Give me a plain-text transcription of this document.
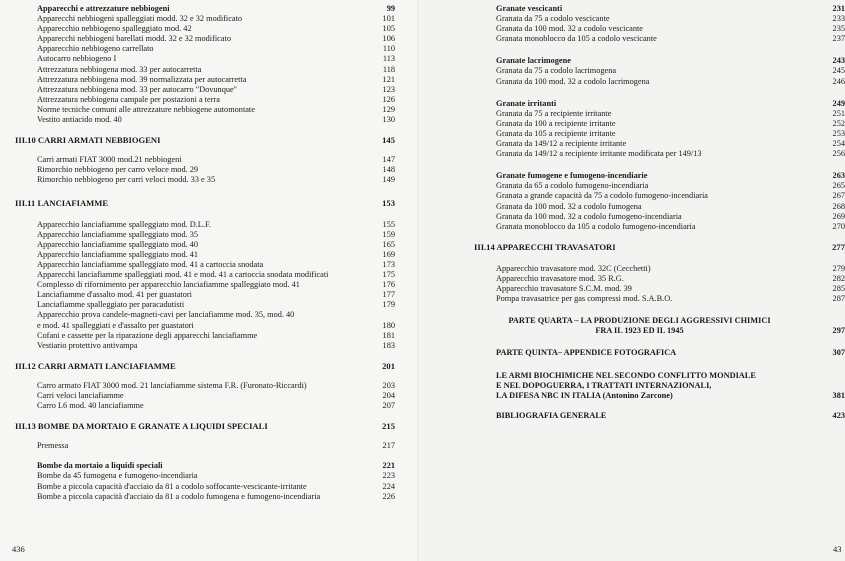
Apparecchi e attrezzature nebbiogeni	99
Apparecchi nebbiogeni spalleggiati modd. 32 e 32 modificato	101
Apparecchio nebbiogeno spalleggiato mod. 42	105
Apparecchi nebbiogeni barellati modd. 32 e 32 modificato	106
Apparecchio nebbiogeno carrellato	110
Autocarro nebbiogeno I	113
Attrezzatura nebbiogena mod. 33 per autocarretta	118
Attrezzatura nebbiogena mod. 39 normalizzata per autocarretta	121
Attrezzatura nebbiogena mod. 33 per autocarro "Dovunque"	123
Attrezzatura nebbiogena campale per postazioni a terra	126
Norme tecniche comuni alle attrezzature nebbiogene automontate	129
Vestito antiacido mod. 40	130
III.10 CARRI ARMATI NEBBIOGENI	145
Carri armati FIAT 3000 mod.21 nebbiogeni	147
Rimorchio nebbiogeno per carro veloce mod. 29	148
Rimorchio nebbiogeno per carri veloci modd. 33 e 35	149
III.11 LANCIAFIAMME	153
Apparecchio lanciafiamme spalleggiato mod. D.L.F.	155
Apparecchio lanciafiamme spalleggiato mod. 35	159
Apparecchio lanciafiamme spalleggiato mod. 40	165
Apparecchio lanciafiamme spalleggiato mod. 41	169
Apparecchio lanciafiamme spalleggiato mod. 41 a cartoccia snodata	173
Apparecchi lanciafiamme spalleggiati mod. 41 e mod. 41 a cartoccia snodata modificati	175
Complesso di rifornimento per apparecchio lanciafiamme spalleggiato mod. 41	176
Lanciafiamme d'assalto mod. 41 per guastatori	177
Lanciafiamme spalleggiato per paracadutisti	179
Apparecchio prova candele-magneti-cavi per lanciafiamme mod. 35, mod. 40
e mod. 41 spalleggiati e d'assalto per guastatori	180
Cofani e cassette per la riparazione degli apparecchi lanciafiamme	181
Vestiario protettivo antivampa	183
III.12 CARRI ARMATI LANCIAFIAMME	201
Carro armato FIAT 3000 mod. 21 lanciafiamme sistema F.R. (Furonato-Riccardi)	203
Carri veloci lanciafiamme	204
Carro L6 mod. 40 lanciafiamme	207
III.13 BOMBE DA MORTAIO E GRANATE A LIQUIDI SPECIALI	215
Premessa	217
Bombe da mortaio a liquidi speciali	221
Bombe da 45 fumogena e fumogeno-incendiaria	223
Bombe a piccola capacità d'acciaio da 81 a codolo soffocante-vescicante-irritante	224
Bombe a piccola capacità d'acciaio da 81 a codolo fumogena e fumogeno-incendiaria	226
436
Granate vescicanti	231
Granata da 75 a codolo vescicante	233
Granata da 100 mod. 32 a codolo vescicante	235
Granata monoblocco da 105 a codolo vescicante	237
Granate lacrimogene	243
Granata da 75 a codolo lacrimogena	245
Granata da 100 mod. 32 a codolo lacrimogena	246
Granate irritanti	249
Granata da 75 a recipiente irritante	251
Granata da 100 a recipiente irritante	252
Granata da 105 a recipiente irritante	253
Granata da 149/12 a recipiente irritante	254
Granata da 149/12 a recipiente irritante modificata per 149/13	256
Granate fumogene e fumogeno-incendiarie	263
Granata da 65 a codolo fumogeno-incendiaria	265
Granata a grande capacità da 75 a codolo fumogeno-incendiaria	267
Granata da 100 mod. 32 a codolo fumogena	268
Granata da 100 mod. 32 a codolo fumogeno-incendiaria	269
Granata monoblocco da 105 a codolo fumogeno-incendiaria	270
III.14 APPARECCHI TRAVASATORI	277
Apparecchio travasatore mod. 32C (Cecchetti)	279
Apparecchio travasatore mod. 35 R.G.	282
Apparecchio travasatore S.C.M. mod. 39	285
Pompa travasatrice per gas compressi mod. S.A.B.O.	287
PARTE QUARTA – LA PRODUZIONE DEGLI AGGRESSIVI CHIMICI
FRA IL 1923 ED IL 1945	297
PARTE QUINTA– APPENDICE FOTOGRAFICA	307
LE ARMI BIOCHIMICHE NEL SECONDO CONFLITTO MONDIALE
E NEL DOPOGUERRA, I TRATTATI INTERNAZIONALI,
LA DIFESA NBC IN ITALIA (Antonino Zarcone)	381
BIBLIOGRAFIA GENERALE	423
43
